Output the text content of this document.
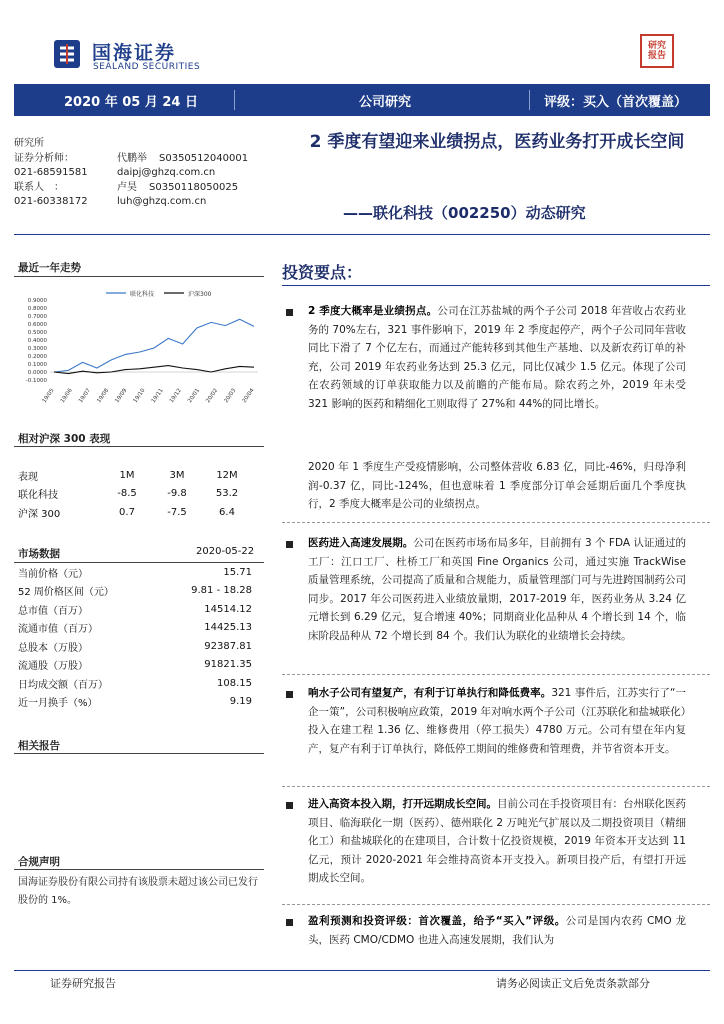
国海证券
SEALAND SECURITIES
研究报告
2020 年 05 月 24 日	公司研究	评级：买入（首次覆盖）
研究所
证券分析师：	代鹏举 S0350512040001
021-68591581	daipj@ghzq.com.cn
联系人　：	卢昊 S0350118050025
021-60338172	luh@ghzq.com.cn
2 季度有望迎来业绩拐点，医药业务打开成长空间
——联化科技（002250）动态研究
最近一年走势
联化科技	沪深300
0.9000
0.8000
0.7000
0.6000
0.5000
0.4000
0.3000
0.2000
0.1000
0.0000
-0.1000
19/05 19/06 19/07 19/08 19/09 19/10 19/11 19/12 20/01 20/02 20/03 20/04
相对沪深 300 表现
表现	1M	3M	12M
联化科技	-8.5	-9.8	53.2
沪深 300	0.7	-7.5	6.4
市场数据	2020-05-22
当前价格（元）	15.71
52 周价格区间（元）	9.81 - 18.28
总市值（百万）	14514.12
流通市值（百万）	14425.13
总股本（万股）	92387.81
流通股（万股）	91821.35
日均成交额（百万）	108.15
近一月换手（%）	9.19
相关报告
合规声明
国海证券股份有限公司持有该股票未超过该公司已发行股份的 1%。
投资要点：
2 季度大概率是业绩拐点。公司在江苏盐城的两个子公司 2018 年营收占农药业务的 70%左右，321 事件影响下，2019 年 2 季度起停产，两个子公司同年营收同比下滑了 7 个亿左右，而通过产能转移到其他生产基地、以及新农药订单的补充，公司 2019 年农药业务达到 25.3 亿元，同比仅减少 1.5 亿元。体现了公司在农药领域的订单获取能力以及前瞻的产能布局。除农药之外，2019 年未受 321 影响的医药和精细化工则取得了 27%和 44%的同比增长。
2020 年 1 季度生产受疫情影响，公司整体营收 6.83 亿，同比-46%，归母净利润-0.37 亿，同比-124%，但也意味着 1 季度部分订单会延期后面几个季度执行，2 季度大概率是公司的业绩拐点。
医药进入高速发展期。公司在医药市场布局多年，目前拥有 3 个 FDA 认证通过的工厂：江口工厂、杜桥工厂和英国 Fine Organics 公司，通过实施 TrackWise 质量管理系统，公司提高了质量和合规能力，质量管理部门可与先进跨国制药公司同步。2017 年公司医药进入业绩放量期，2017-2019 年，医药业务从 3.24 亿元增长到 6.29 亿元，复合增速 40%；同期商业化品种从 4 个增长到 14 个，临床阶段品种从 72 个增长到 84 个。我们认为联化的业绩增长会持续。
响水子公司有望复产，有利于订单执行和降低费率。321 事件后，江苏实行了“一企一策”，公司积极响应政策，2019 年对响水两个子公司（江苏联化和盐城联化）投入在建工程 1.36 亿、维修费用（停工损失）4780 万元。公司有望在年内复产，复产有利于订单执行，降低停工期间的维修费和管理费，并节省资本开支。
进入高资本投入期，打开远期成长空间。目前公司在手投资项目有：台州联化医药项目、临海联化一期（医药）、德州联化 2 万吨光气扩展以及二期投资项目（精细化工）和盐城联化的在建项目，合计数十亿投资规模，2019 年资本开支达到 11 亿元，预计 2020-2021 年会维持高资本开支投入。新项目投产后，有望打开远期成长空间。
盈利预测和投资评级：首次覆盖，给予“买入”评级。公司是国内农药 CMO 龙头，医药 CMO/CDMO 也进入高速发展期，我们认为
证券研究报告	请务必阅读正文后免责条款部分
